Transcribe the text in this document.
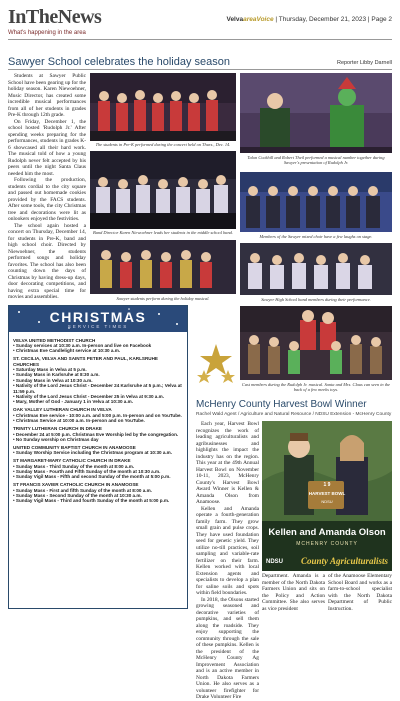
InTheNews
What's happening in the area
VelvaareaVoice | Thursday, December 21, 2023 | Page 2
Sawyer School celebrates the holiday season	Reporter Libby Darnell

Students at Sawyer Public School have been gearing up for the holiday season. Karen Niewoehner, Music Director, has created some incredible musical performances from all of her students in grades Pre-K through 12th grade.

On Friday, December 1, the school hosted 'Rudolph Jr.' After spending weeks preparing for the performances, students in grades K-6 showcased all their hard work. The musical told of how a young Rudolph never felt accepted by his peers until the night Santa Claus needed him the most.

Following the production, students cordial to the city square and passed out homemade cookies provided by the FACS students. After some tools, the city Christmas tree and decorations were lit as onlookers enjoyed the festivities.

The school again hosted a concert on Thursday, December 14, for students in Pre-K, band and high school choir. Directed by Niewoehner, the students performed songs and holiday favorites. The school has also been counting down the days of Christmas by having dress-up days, door decorating competitions, and having extra special time for movies and assemblies.

The students in Pre-K performed during the concert held on Thurs., Dec. 14.
Talon Cockhill and Robert Theil performed a musical number together during Sawyer's presentation of Rudolph Jr.
Band Director Karen Niewoehner leads her students in the middle school band.
Members of the Sawyer mixed choir have a few laughs on stage.
Sawyer students perform during the holiday musical.	Sawyer High School band members during their performance.
CHRISTMAS
SERVICE TIMES
VELVA UNITED METHODIST CHURCH
• Sunday services at 10:30 a.m. In-person and live on Facebook
• Christmas Eve Candlelight service at 10:30 a.m.
ST. CECILIA, VELVA AND SAINTS PETER AND PAUL, KARLSRUHE CHURCHES
• Saturday Mass in Velva at 5 p.m.
• Sunday Mass in Karlsruhe at 8:30 a.m.
• Sunday Mass in Velva at 10:30 a.m.
• Nativity of the Lord Jesus Christ - December 24 Karlsruhe at 5 p.m.; Velva at 11:59 p.m.
• Nativity of the Lord Jesus Christ - December 25 in Velva at 9:30 a.m.
• Mary, Mother of God - January 1 in Velva at 10:30 a.m.
OAK VALLEY LUTHERAN CHURCH IN VELVA
• Christmas Eve service - 10:00 a.m. and 5:00 p.m. In-person and on YouTube.
• Christmas Service at 10:00 a.m. In-person and on YouTube.
TRINITY LUTHERAN CHURCH IN DRAKE
• December 24 at 5:00 p.m. Christmas Eve Worship led by the congregation.
• No Sunday worship on Christmas day
UNITED COMMUNITY BAPTIST CHURCH IN ANAMOOSE
• Sunday Worship Service including the Christmas program at 10:30 a.m.
ST MARGARET-MARY CATHOLIC CHURCH IN DRAKE
• Sunday Mass - Third Sunday of the month at 8:00 a.m.
• Sunday Mass - Fourth and Fifth Sunday of the month at 10:30 a.m.
• Sunday Vigil Mass - Fifth and second Sunday of the month at 5:00 p.m.
ST FRANCIS XAVIER CATHOLIC CHURCH IN ANAMOOSE
• Sunday Mass - First and fifth Sunday of the month at 8:00 a.m.
• Sunday Mass - Second Sunday of the month at 10:30 a.m.
• Sunday Vigil Mass - Third and fourth Sunday of the month at 5:00 p.m.
Cast members during the Rudolph Jr. musical. Santa and Mrs. Claus can seen in the back of a few meeks toys.
McHenry County Harvest Bowl Winner
Rachel Wald Agent / Agriculture and Natural Resource / NDSU Extension - McHenry County

Each year, Harvest Bowl recognizes the work of leading agriculturalists and agribusinesses and highlights the impact the industry has on the region. This year at the 49th Annual Harvest Bowl on November 10-11, 2023, McHenry County's Harvest Bowl Award Winner is Kellen & Amanda Olson from Anamoose.

Kellen and Amanda operate a fourth-generation family farm. They grow small grain and pulse crops. They have used foundation seed for genetic yield. They utilize no-till practices, soil sampling and variable-rate fertilizer on their farm. Kellen worked with local Extension agents and specialists to develop a plan for saline soils and spots within field boundaries.

In 2018, the Olsons started growing seasoned and decorative varieties of pumpkins, and sell them along the roadside. They enjoy supporting the community through the sale of these pumpkins. Kellen is the president of the McHenry County Ag Improvement Association and is an active member in North Dakota Farmers Union. He also serves as a volunteer firefighter for Drake Volunteer Fire

1 9
HARVEST BOWL
NDSU
Kellen and Amanda Olson
MCHENRY COUNTY
NDSU County Agriculturalists
Department. Amanda is a member of the North Dakota Farmers Union and sits on the Policy and Action Committee. She also serves as vice president
of the Anamoose Elementary School Board and works as a farm-to-school specialist with the North Dakota Department of Public Instruction.
